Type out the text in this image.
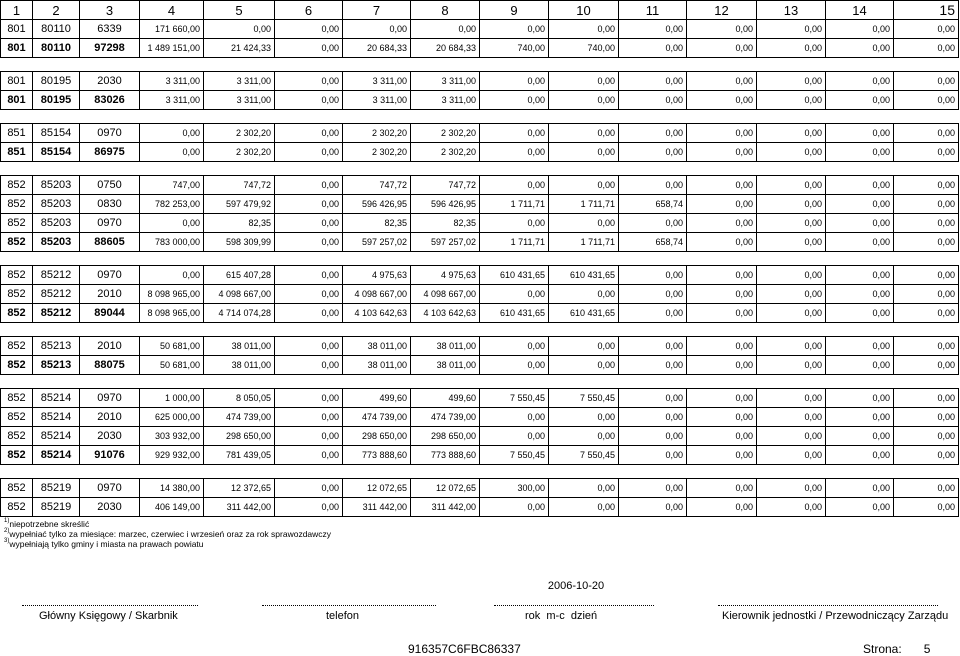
1	2	3	4	5	6	7	8	9	10	11	12	13	14	15
801	80110	6339	171 660,00	0,00	0,00	0,00	0,00	0,00	0,00	0,00	0,00	0,00	0,00	0,00
801	80110	97298	1 489 151,00	21 424,33	0,00	20 684,33	20 684,33	740,00	740,00	0,00	0,00	0,00	0,00	0,00

801	80195	2030	3 311,00	3 311,00	0,00	3 311,00	3 311,00	0,00	0,00	0,00	0,00	0,00	0,00	0,00
801	80195	83026	3 311,00	3 311,00	0,00	3 311,00	3 311,00	0,00	0,00	0,00	0,00	0,00	0,00	0,00

851	85154	0970	0,00	2 302,20	0,00	2 302,20	2 302,20	0,00	0,00	0,00	0,00	0,00	0,00	0,00
851	85154	86975	0,00	2 302,20	0,00	2 302,20	2 302,20	0,00	0,00	0,00	0,00	0,00	0,00	0,00

852	85203	0750	747,00	747,72	0,00	747,72	747,72	0,00	0,00	0,00	0,00	0,00	0,00	0,00
852	85203	0830	782 253,00	597 479,92	0,00	596 426,95	596 426,95	1 711,71	1 711,71	658,74	0,00	0,00	0,00	0,00
852	85203	0970	0,00	82,35	0,00	82,35	82,35	0,00	0,00	0,00	0,00	0,00	0,00	0,00
852	85203	88605	783 000,00	598 309,99	0,00	597 257,02	597 257,02	1 711,71	1 711,71	658,74	0,00	0,00	0,00	0,00

852	85212	0970	0,00	615 407,28	0,00	4 975,63	4 975,63	610 431,65	610 431,65	0,00	0,00	0,00	0,00	0,00
852	85212	2010	8 098 965,00	4 098 667,00	0,00	4 098 667,00	4 098 667,00	0,00	0,00	0,00	0,00	0,00	0,00	0,00
852	85212	89044	8 098 965,00	4 714 074,28	0,00	4 103 642,63	4 103 642,63	610 431,65	610 431,65	0,00	0,00	0,00	0,00	0,00

852	85213	2010	50 681,00	38 011,00	0,00	38 011,00	38 011,00	0,00	0,00	0,00	0,00	0,00	0,00	0,00
852	85213	88075	50 681,00	38 011,00	0,00	38 011,00	38 011,00	0,00	0,00	0,00	0,00	0,00	0,00	0,00

852	85214	0970	1 000,00	8 050,05	0,00	499,60	499,60	7 550,45	7 550,45	0,00	0,00	0,00	0,00	0,00
852	85214	2010	625 000,00	474 739,00	0,00	474 739,00	474 739,00	0,00	0,00	0,00	0,00	0,00	0,00	0,00
852	85214	2030	303 932,00	298 650,00	0,00	298 650,00	298 650,00	0,00	0,00	0,00	0,00	0,00	0,00	0,00
852	85214	91076	929 932,00	781 439,05	0,00	773 888,60	773 888,60	7 550,45	7 550,45	0,00	0,00	0,00	0,00	0,00

852	85219	0970	14 380,00	12 372,65	0,00	12 072,65	12 072,65	300,00	0,00	0,00	0,00	0,00	0,00	0,00
852	85219	2030	406 149,00	311 442,00	0,00	311 442,00	311 442,00	0,00	0,00	0,00	0,00	0,00	0,00	0,00
$^{1)}$niepotrzebne skreślić
$^{2)}$wypełniać tylko za miesiące: marzec, czerwiec i wrzesień oraz za rok sprawozdawczy
$^{3)}$wypełniają tylko gminy i miasta na prawach powiatu
2006-10-20
Główny Księgowy / Skarbnik	telefon	rok  m-c  dzień	Kierownik jednostki / Przewodniczący Zarządu
916357C6FBC86337	Strona: 5
